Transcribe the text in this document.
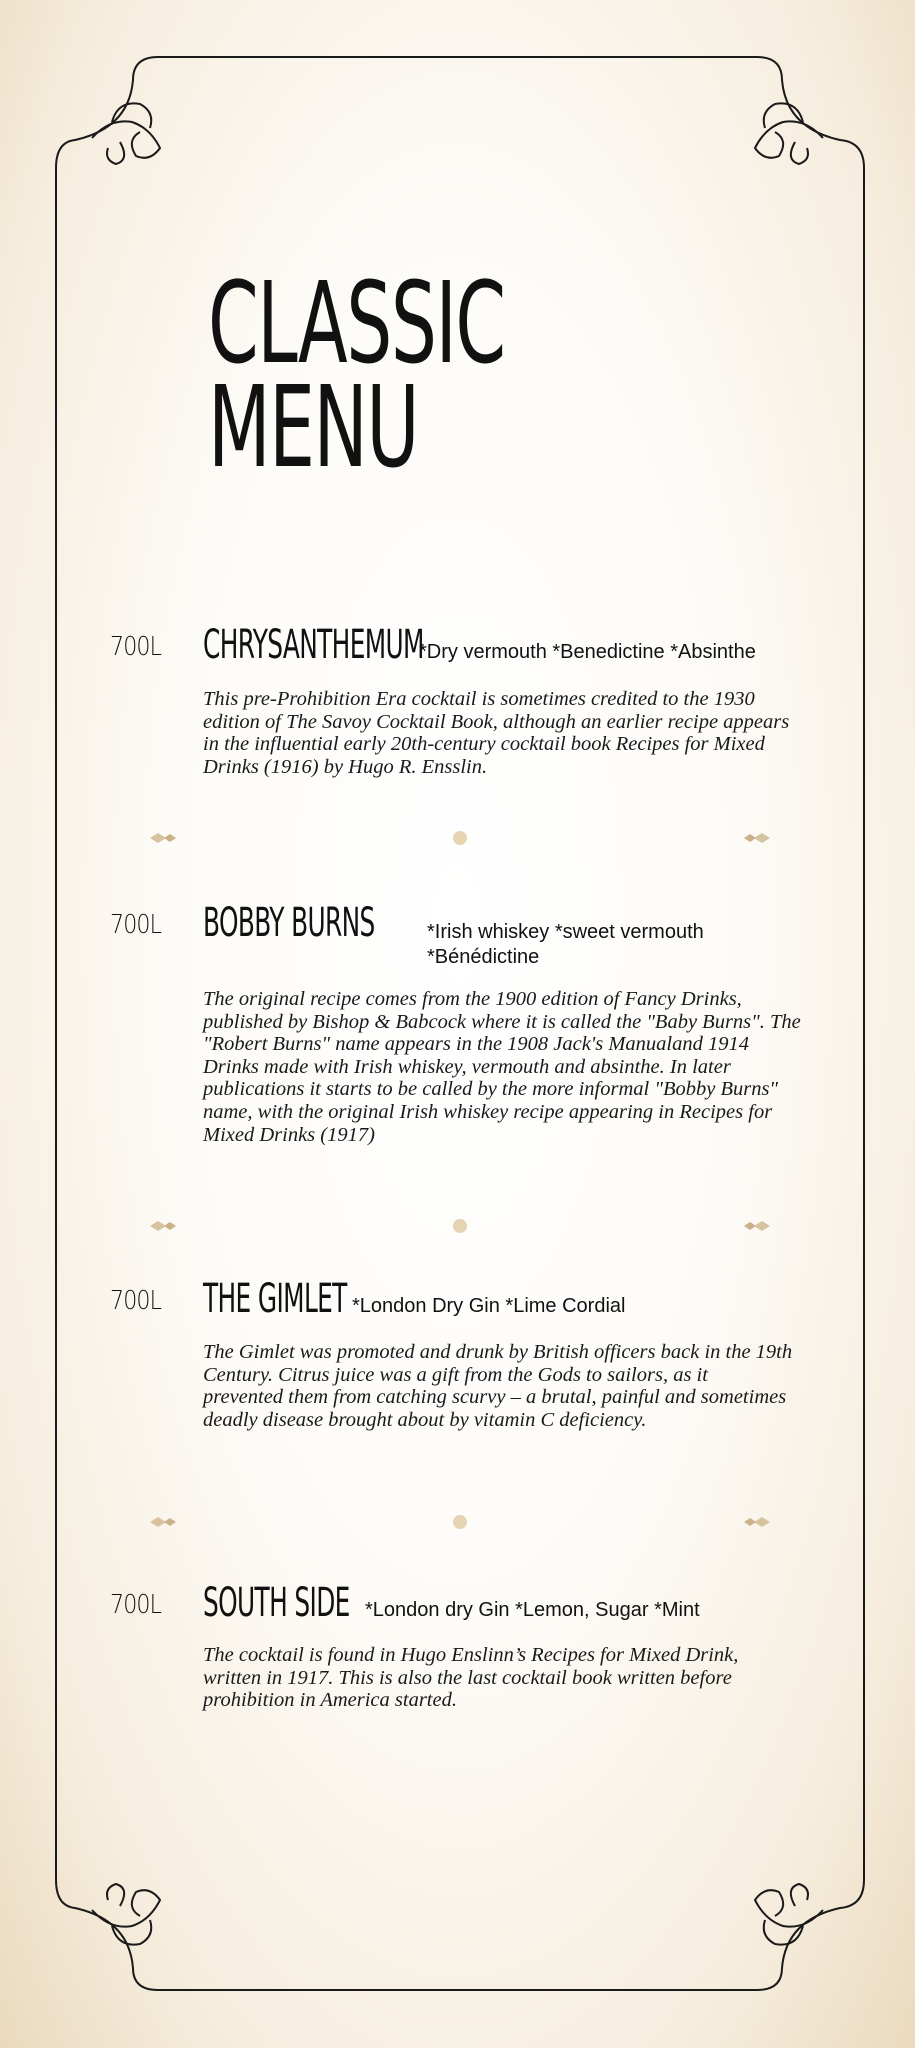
CLASSIC
MENU
700L CHRYSANTHEMUM
*Dry vermouth *Benedictine *Absinthe

This pre-Prohibition Era cocktail is sometimes credited to the 1930 edition of The Savoy Cocktail Book, although an earlier recipe appears in the influential early 20th-century cocktail book Recipes for Mixed Drinks (1916) by Hugo R. Ensslin.

700L BOBBY BURNS	*Irish whiskey *sweet vermouth
*Bénédictine

The original recipe comes from the 1900 edition of Fancy Drinks, published by Bishop & Babcock where it is called the "Baby Burns". The "Robert Burns" name appears in the 1908 Jack's Manualand 1914 Drinks made with Irish whiskey, vermouth and absinthe. In later publications it starts to be called by the more informal "Bobby Burns" name, with the original Irish whiskey recipe appearing in Recipes for Mixed Drinks (1917)

700L THE GIMLET *London Dry Gin *Lime Cordial

The Gimlet was promoted and drunk by British officers back in the 19th Century. Citrus juice was a gift from the Gods to sailors, as it prevented them from catching scurvy – a brutal, painful and sometimes deadly disease brought about by vitamin C deficiency.

700L SOUTH SIDE *London dry Gin *Lemon, Sugar *Mint

The cocktail is found in Hugo Enslinn’s Recipes for Mixed Drink, written in 1917. This is also the last cocktail book written before prohibition in America started.
